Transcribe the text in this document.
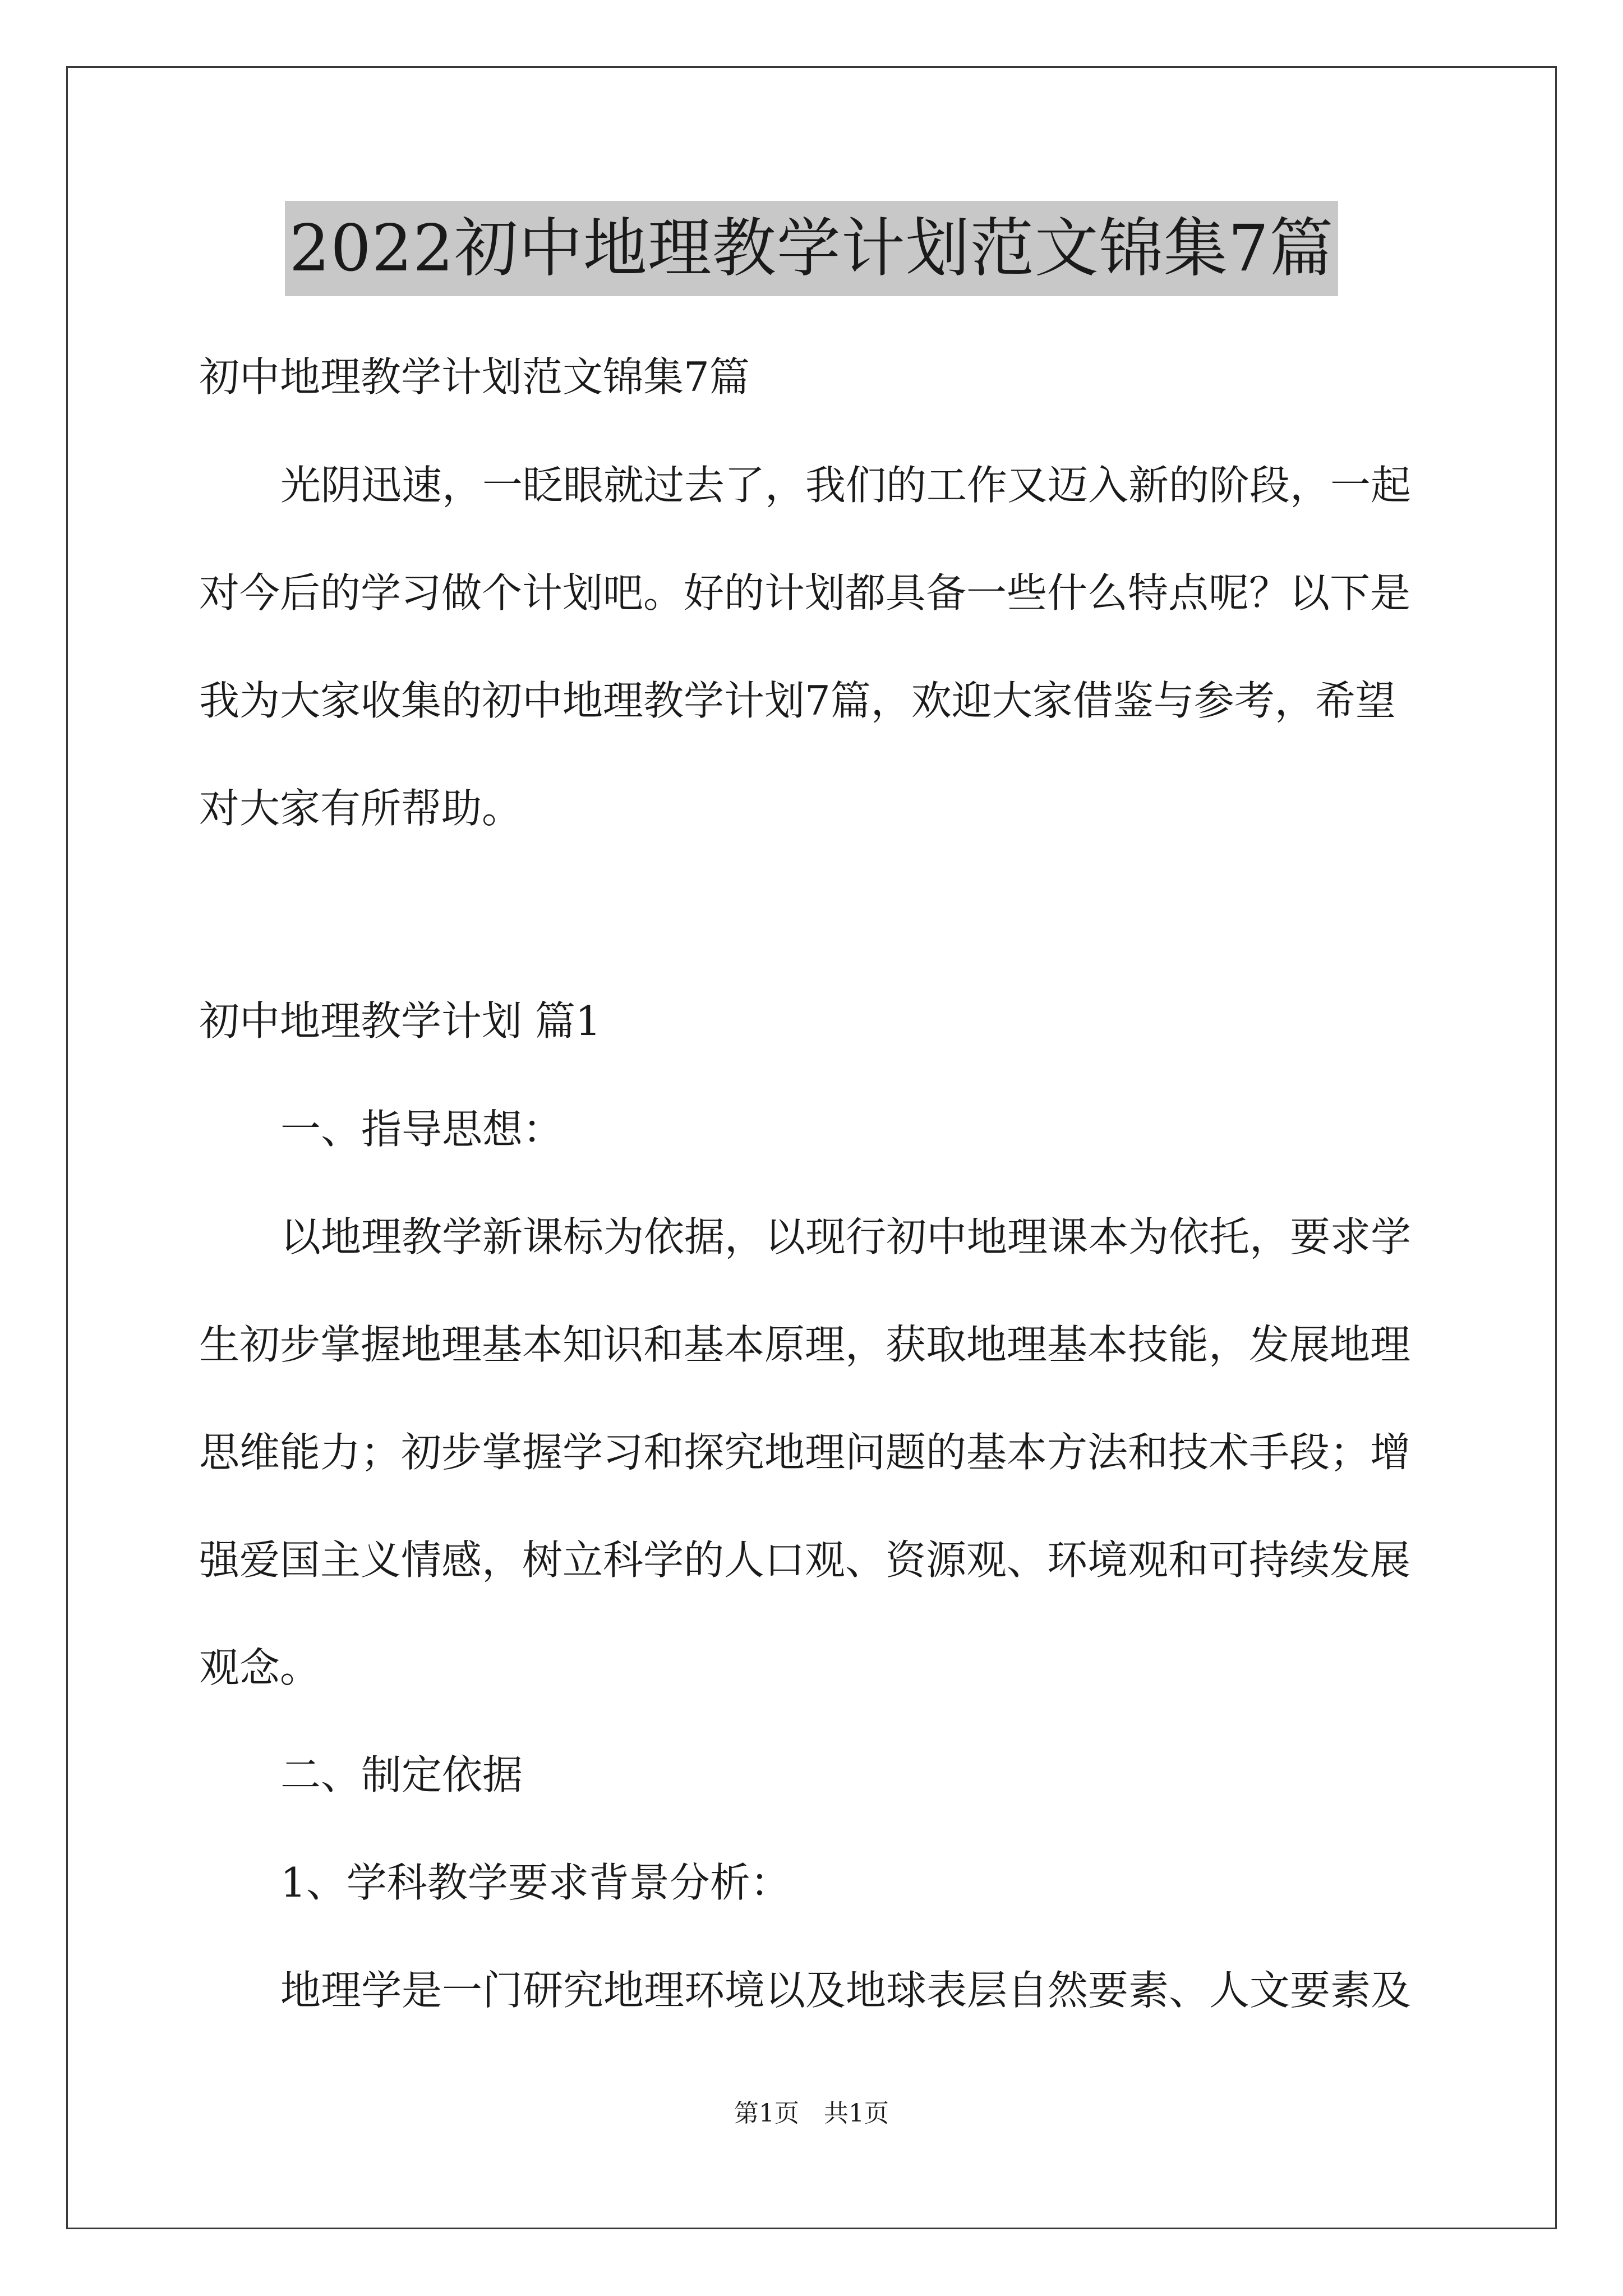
2022初中地理教学计划范文锦集7篇
初中地理教学计划范文锦集7篇
光阴迅速，一眨眼就过去了，我们的工作又迈入新的阶段，一起
对今后的学习做个计划吧。好的计划都具备一些什么特点呢？以下是
我为大家收集的初中地理教学计划7篇，欢迎大家借鉴与参考，希望
对大家有所帮助。
初中地理教学计划 篇1
一、指导思想：
以地理教学新课标为依据，以现行初中地理课本为依托，要求学
生初步掌握地理基本知识和基本原理，获取地理基本技能，发展地理
思维能力；初步掌握学习和探究地理问题的基本方法和技术手段；增
强爱国主义情感，树立科学的人口观、资源观、环境观和可持续发展
观念。
二、制定依据
1、学科教学要求背景分析：
地理学是一门研究地理环境以及地球表层自然要素、人文要素及
第1页　共1页
